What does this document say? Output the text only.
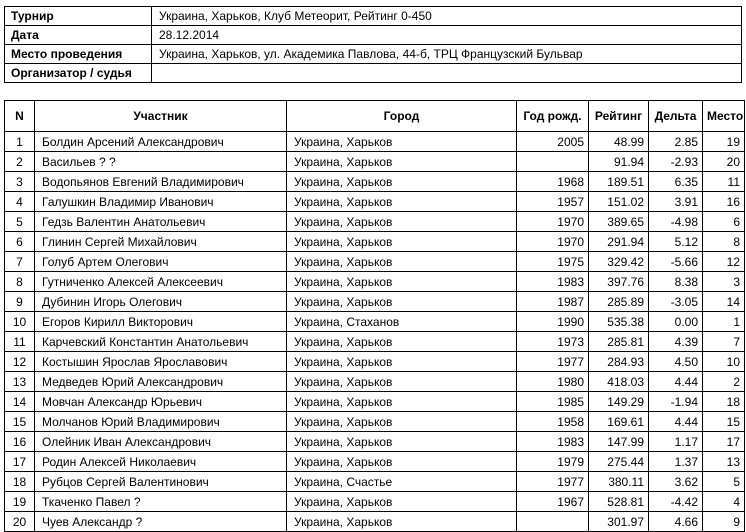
Турнир	Украина, Харьков, Клуб Метеорит, Рейтинг 0-450
Дата	28.12.2014
Место проведения	Украина, Харьков, ул. Академика Павлова, 44-б, ТРЦ Французский Бульвар
Организатор / судья	
N	Участник	Город	Год рожд.	Рейтинг	Дельта	Место
1	Болдин Арсений Александрович	Украина, Харьков	2005	48.99	2.85	19
2	Васильев ? ?	Украина, Харьков		91.94	-2.93	20
3	Водопьянов Евгений Владимирович	Украина, Харьков	1968	189.51	6.35	11
4	Галушкин Владимир Иванович	Украина, Харьков	1957	151.02	3.91	16
5	Гедзь Валентин Анатольевич	Украина, Харьков	1970	389.65	-4.98	6
6	Глинин Сергей Михайлович	Украина, Харьков	1970	291.94	5.12	8
7	Голуб Артем Олегович	Украина, Харьков	1975	329.42	-5.66	12
8	Гутниченко Алексей Алексеевич	Украина, Харьков	1983	397.76	8.38	3
9	Дубинин Игорь Олегович	Украина, Харьков	1987	285.89	-3.05	14
10	Егоров Кирилл Викторович	Украина, Стаханов	1990	535.38	0.00	1
11	Карчевский Константин Анатольевич	Украина, Харьков	1973	285.81	4.39	7
12	Костышин Ярослав Ярославович	Украина, Харьков	1977	284.93	4.50	10
13	Медведев Юрий Александрович	Украина, Харьков	1980	418.03	4.44	2
14	Мовчан Александр Юрьевич	Украина, Харьков	1985	149.29	-1.94	18
15	Молчанов Юрий Владимирович	Украина, Харьков	1958	169.61	4.44	15
16	Олейник Иван Александрович	Украина, Харьков	1983	147.99	1.17	17
17	Родин Алексей Николаевич	Украина, Харьков	1979	275.44	1.37	13
18	Рубцов Сергей Валентинович	Украина, Счастье	1977	380.11	3.62	5
19	Ткаченко Павел ?	Украина, Харьков	1967	528.81	-4.42	4
20	Чуев Александр ?	Украина, Харьков		301.97	4.66	9
